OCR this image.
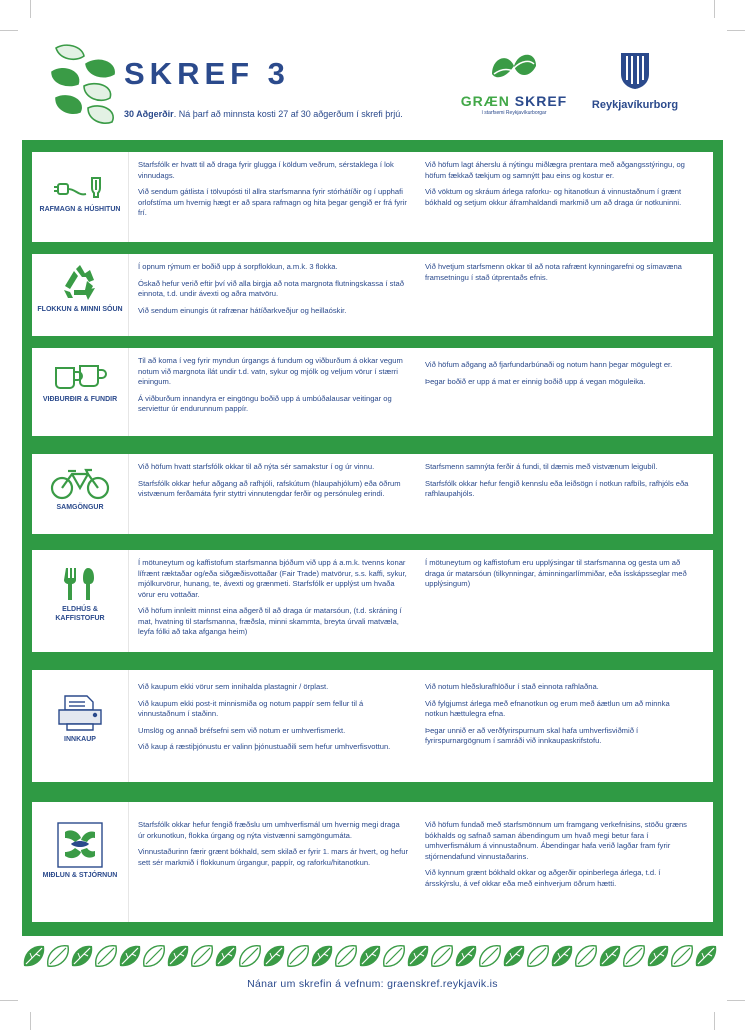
SKREF 3
30 Aðgerðir. Ná þarf að minnsta kosti 27 af 30 aðgerðum í skrefi þrjú.
GRÆN SKREF
í starfsemi Reykjavíkurborgar
Reykjavíkurborg
RAFMAGN & HÚSHITUN

Starfsfólk er hvatt til að draga fyrir glugga í köldum veðrum, sérstaklega í lok vinnudags.

Við sendum gátlista í tölvupósti til allra starfsmanna fyrir stórhátíðir og í upphafi orlofstíma um hvernig hægt er að spara rafmagn og hita þegar gengið er frá fyrir frí.

Við höfum lagt áherslu á nýtingu miðlægra prentara með aðgangsstýringu, og höfum fækkað tækjum og samnýtt þau eins og kostur er.

Við vöktum og skráum árlega raforku- og hitanotkun á vinnustaðnum í grænt bókhald og setjum okkur áframhaldandi markmið um að draga úr notkuninni.

FLOKKUN & MINNI SÓUN

Í opnum rýmum er boðið upp á sorpflokkun, a.m.k. 3 flokka.

Óskað hefur verið eftir því við alla birgja að nota margnota flutningskassa í stað einnota, t.d. undir ávexti og aðra matvöru.

Við sendum einungis út rafrænar hátíðarkveðjur og heillaóskir.

Við hvetjum starfsmenn okkar til að nota rafrænt kynningarefni og símavæna framsetningu í stað útprentaðs efnis.

VIÐBURÐIR & FUNDIR

Til að koma í veg fyrir myndun úrgangs á fundum og viðburðum á okkar vegum notum við margnota ílát undir t.d. vatn, sykur og mjólk og veljum vörur í stærri einingum.

Á viðburðum innandyra er eingöngu boðið upp á umbúðalausar veitingar og serviettur úr endurunnum pappír.

Við höfum aðgang að fjarfundarbúnaði og notum hann þegar mögulegt er.

Þegar boðið er upp á mat er einnig boðið upp á vegan möguleika.

SAMGÖNGUR

Við höfum hvatt starfsfólk okkar til að nýta sér samakstur í og úr vinnu.

Starfsfólk okkar hefur aðgang að rafhjóli, rafskútum (hlaupahjólum) eða öðrum vistvænum ferðamáta fyrir styttri vinnutengdar ferðir og persónuleg erindi.

Starfsmenn samnýta ferðir á fundi, til dæmis með vistvænum leigubíl.

Starfsfólk okkar hefur fengið kennslu eða leiðsögn í notkun rafbíls, rafhjóls eða rafhlaupahjóls.

ELDHÚS &
KAFFISTOFUR

Í mötuneytum og kaffistofum starfsmanna bjóðum við upp á a.m.k. tvenns konar lífrænt ræktaðar og/eða siðgæðisvottaðar (Fair Trade) matvörur, s.s. kaffi, sykur, mjólkurvörur, hunang, te, ávexti og grænmeti. Starfsfólk er upplýst um hvaða vörur eru vottaðar.

Við höfum innleitt minnst eina aðgerð til að draga úr matarsóun, (t.d. skráning í mat, hvatning til starfsmanna, fræðsla, minni skammta, breyta úrvali matvæla, leyfa fólki að taka afganga heim)

Í mötuneytum og kaffistofum eru upplýsingar til starfsmanna og gesta um að draga úr matarsóun (tilkynningar, áminningarlímmiðar, eða ísskápsseglar með upplýsingum)

INNKAUP

Við kaupum ekki vörur sem innihalda plastagnir / örplast.

Við kaupum ekki post-it minnismiða og notum pappír sem fellur til á vinnustaðnum í staðinn.

Umslög og annað bréfsefni sem við notum er umhverfismerkt.

Við kaup á ræstiþjónustu er valinn þjónustuaðili sem hefur umhverfisvottun.

Við notum hleðslurafhlöður í stað einnota rafhlaðna.

Við fylgjumst árlega með efnanotkun og erum með áætlun um að minnka notkun hættulegra efna.

Þegar unnið er að verðfyrirspurnum skal hafa umhverfisviðmið í fyrirspurnargögnum í samráði við innkaupaskrifstofu.

MIÐLUN & STJÓRNUN

Starfsfólk okkar hefur fengið fræðslu um umhverfismál um hvernig megi draga úr orkunotkun, flokka úrgang og nýta vistvænni samgöngumáta.

Vinnustaðurinn færir grænt bókhald, sem skilað er fyrir 1. mars ár hvert, og hefur sett sér markmið í flokkunum úrgangur, pappír, og raforku/hitanotkun.

Við höfum fundað með starfsmönnum um framgang verkefnisins, stöðu græns bókhalds og safnað saman ábendingum um hvað megi betur fara í umhverfismálum á vinnustaðnum. Ábendingar hafa verið lagðar fram fyrir stjórnendafund vinnustaðarins.

Við kynnum grænt bókhald okkar og aðgerðir opinberlega árlega, t.d. í ársskýrslu, á vef okkar eða með einhverjum öðrum hætti.

Nánar um skrefin á vefnum: graenskref.reykjavik.is
